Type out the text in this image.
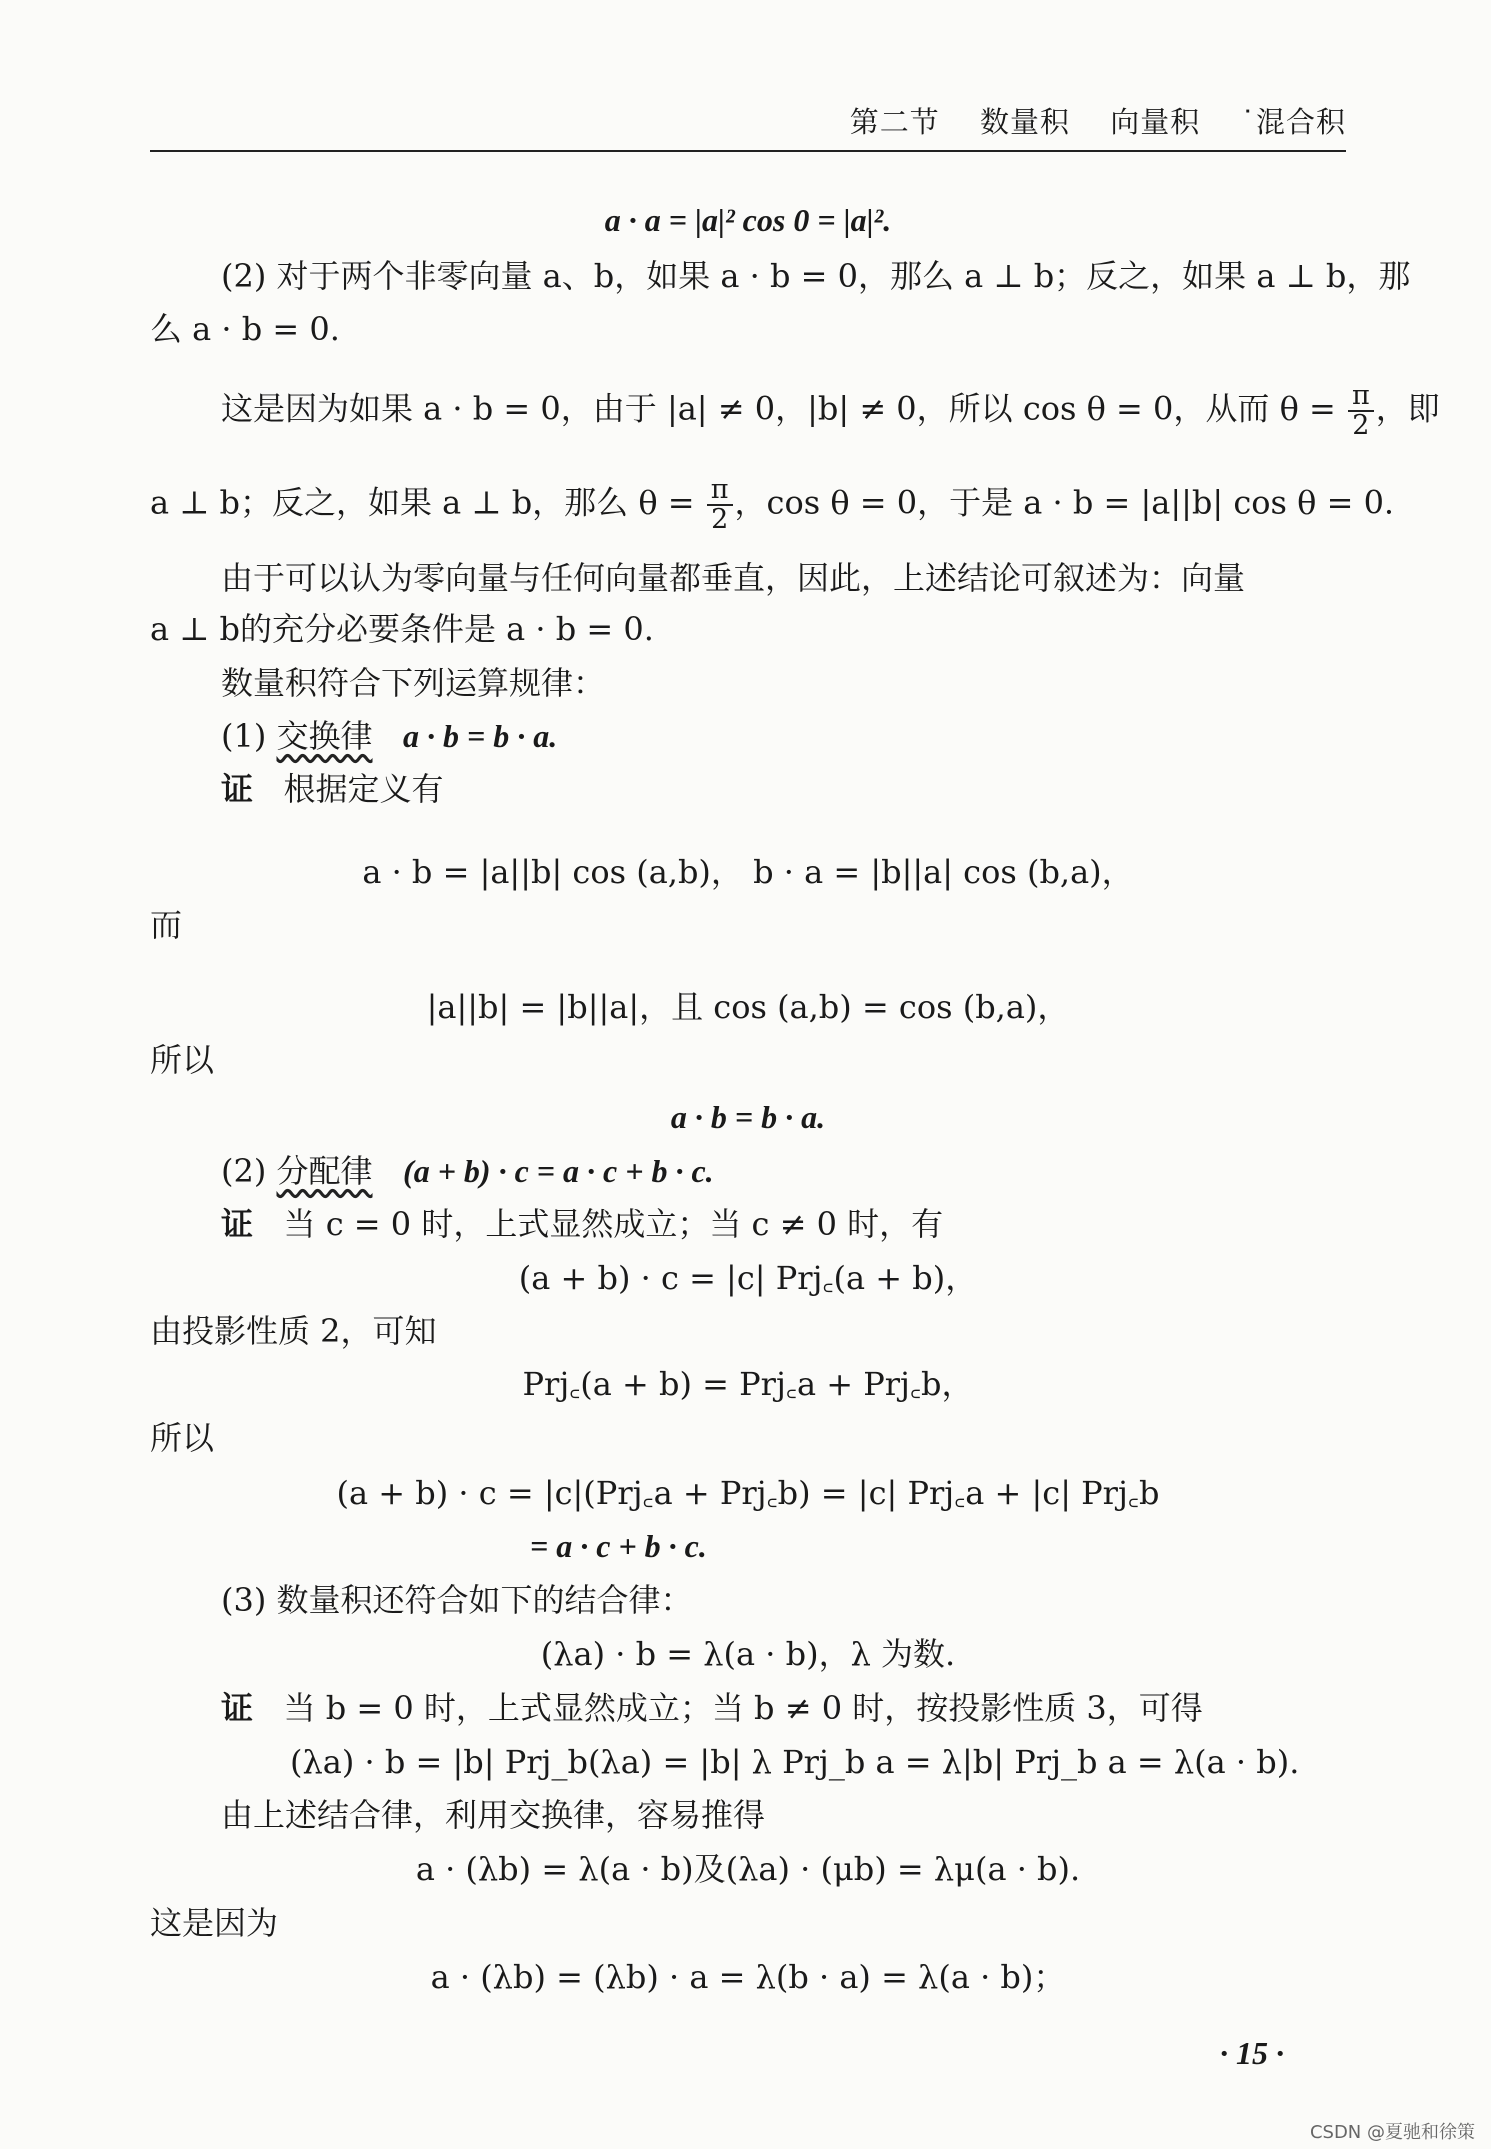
第二节 数量积 向量积 ˙混合积
a · a = |a|² cos 0 = |a|².
(2) 对于两个非零向量 a、b，如果 a · b = 0，那么 a ⊥ b；反之，如果 a ⊥ b，那
么 a · b = 0.
这是因为如果 a · b = 0，由于 |a| ≠ 0，|b| ≠ 0，所以 cos θ = 0，从而 $\theta = \frac{\pi}{2}$ ，即
a ⊥ b；反之，如果 a ⊥ b，那么 $\theta = \frac{\pi}{2}$ ，cos θ = 0，于是 a · b = |a||b| cos θ = 0.
由于可以认为零向量与任何向量都垂直，因此，上述结论可叙述为：向量
a ⊥ b的充分必要条件是 a · b = 0.
数量积符合下列运算规律：
(1) 交换律 a · b = b · a.
证 根据定义有
a · b = |a||b| cos (a,b)， b · a = |b||a| cos (b,a)，
而
|a||b| = |b||a|，且 cos (a,b) = cos (b,a)，
所以
a · b = b · a.
(2) 分配律 (a + b) · c = a · c + b · c.
证 当 c = 0 时，上式显然成立；当 c ≠ 0 时，有
(a + b) · c = |c| Prj꜀(a + b)，
由投影性质 2，可知
Prj꜀(a + b) = Prj꜀a + Prj꜀b，
所以
(a + b) · c = |c|(Prj꜀a + Prj꜀b) = |c| Prj꜀a + |c| Prj꜀b
= a · c + b · c.
(3) 数量积还符合如下的结合律：
(λa) · b = λ(a · b)，λ 为数.
证 当 b = 0 时，上式显然成立；当 b ≠ 0 时，按投影性质 3，可得
(λa) · b = |b| Prj_b(λa) = |b| λ Prj_b a = λ|b| Prj_b a = λ(a · b).
由上述结合律，利用交换律，容易推得
a · (λb) = λ(a · b)及(λa) · (μb) = λμ(a · b).
这是因为
a · (λb) = (λb) · a = λ(b · a) = λ(a · b)；
· 15 ·
CSDN @夏驰和徐策
